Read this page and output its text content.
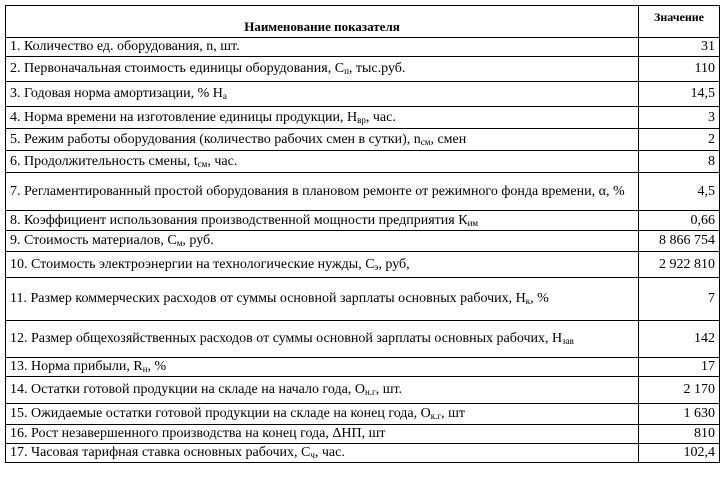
Наименование показателя	Значение
1. Количество ед. оборудования, n, шт.	31
2. Первоначальная стоимость единицы оборудования, $С_п$, тыс.руб.	110
3. Годовая норма амортизации, % $Н_а$	14,5
4. Норма времени на изготовление единицы продукции, $Н_{вр}$, час.	3
5. Режим работы оборудования (количество рабочих смен в сутки), $n_{см}$, смен	2
6. Продолжительность смены, $t_{см}$, час.	8
7. Регламентированный простой оборудования в плановом ремонте от режимного фонда времени, α, %	4,5
8. Коэффициент использования производственной мощности предприятия $К_{им}$	0,66
9. Стоимость материалов, $С_м$, руб.	8 866 754
10. Стоимость электроэнергии на технологические нужды, $С_э$, руб,	2 922 810
11. Размер коммерческих расходов от суммы основной зарплаты основных рабочих, $Н_к$, %	7
12. Размер общехозяйственных расходов от суммы основной зарплаты основных рабочих, $Н_{зав}$	142
13. Норма прибыли, $R_н$, %	17
14. Остатки готовой продукции на складе на начало года, $О_{н.г}$, шт.	2 170
15. Ожидаемые остатки готовой продукции на складе на конец года, $О_{к.г}$, шт	1 630
16. Рост незавершенного производства на конец года, ΔНП, шт	810
17. Часовая тарифная ставка основных рабочих, $С_ч$, час.	102,4
